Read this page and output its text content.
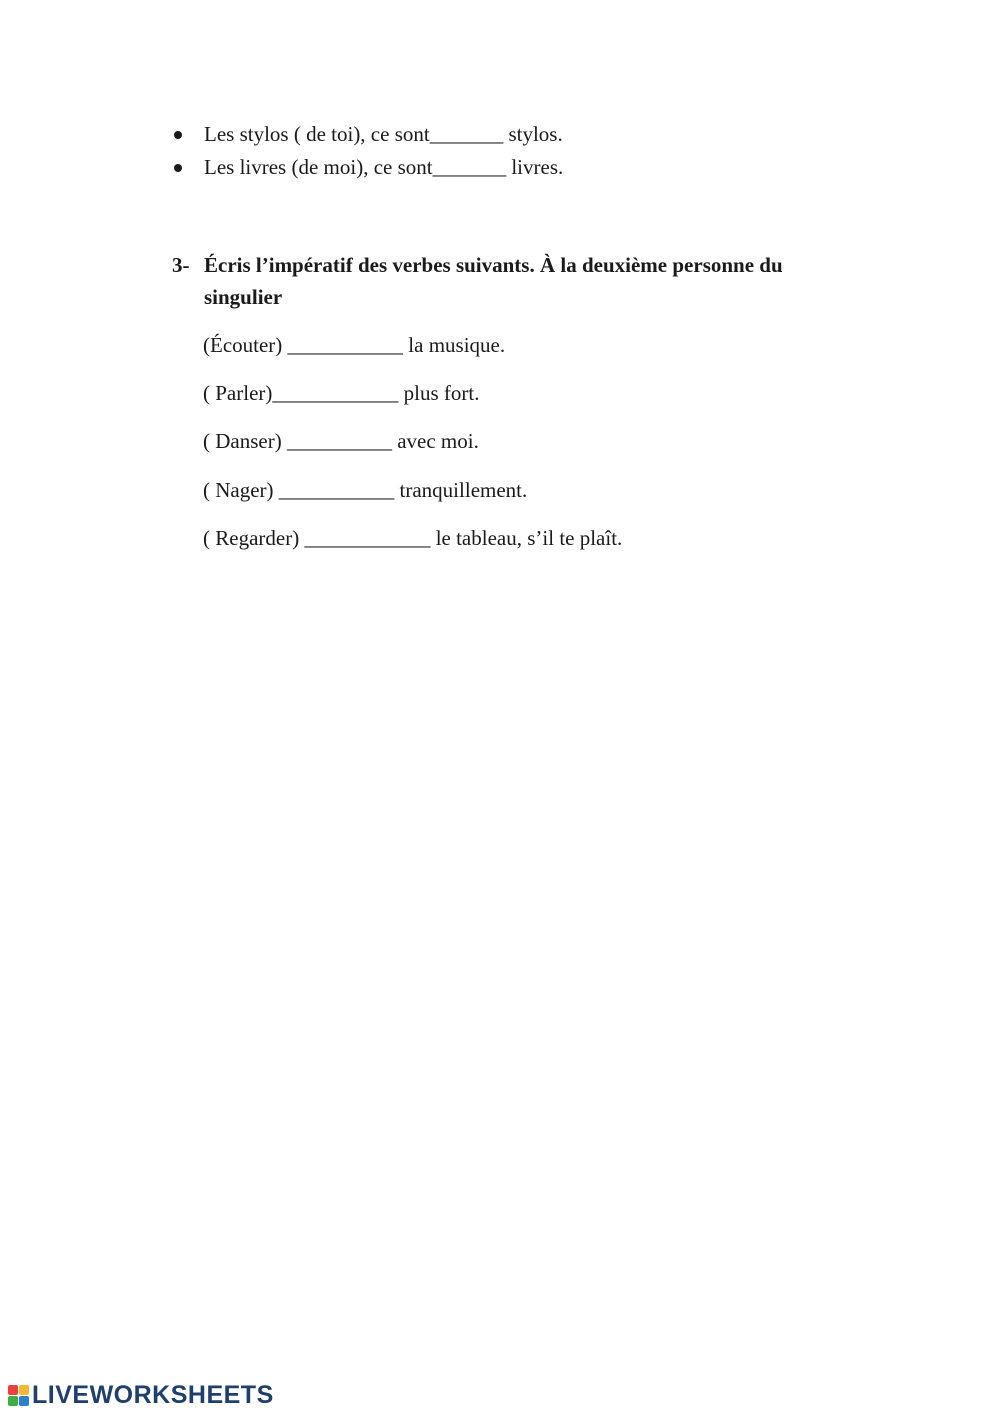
Les stylos ( de toi), ce sont_______ stylos.
Les livres (de moi), ce sont_______ livres.
3- Écris l’impératif des verbes suivants. À la deuxième personne du singulier
(Écouter) ___________ la musique.
( Parler)____________ plus fort.
( Danser) __________ avec moi.
( Nager) ___________ tranquillement.
( Regarder) ____________ le tableau, s’il te plaît.
LIVEWORKSHEETS
